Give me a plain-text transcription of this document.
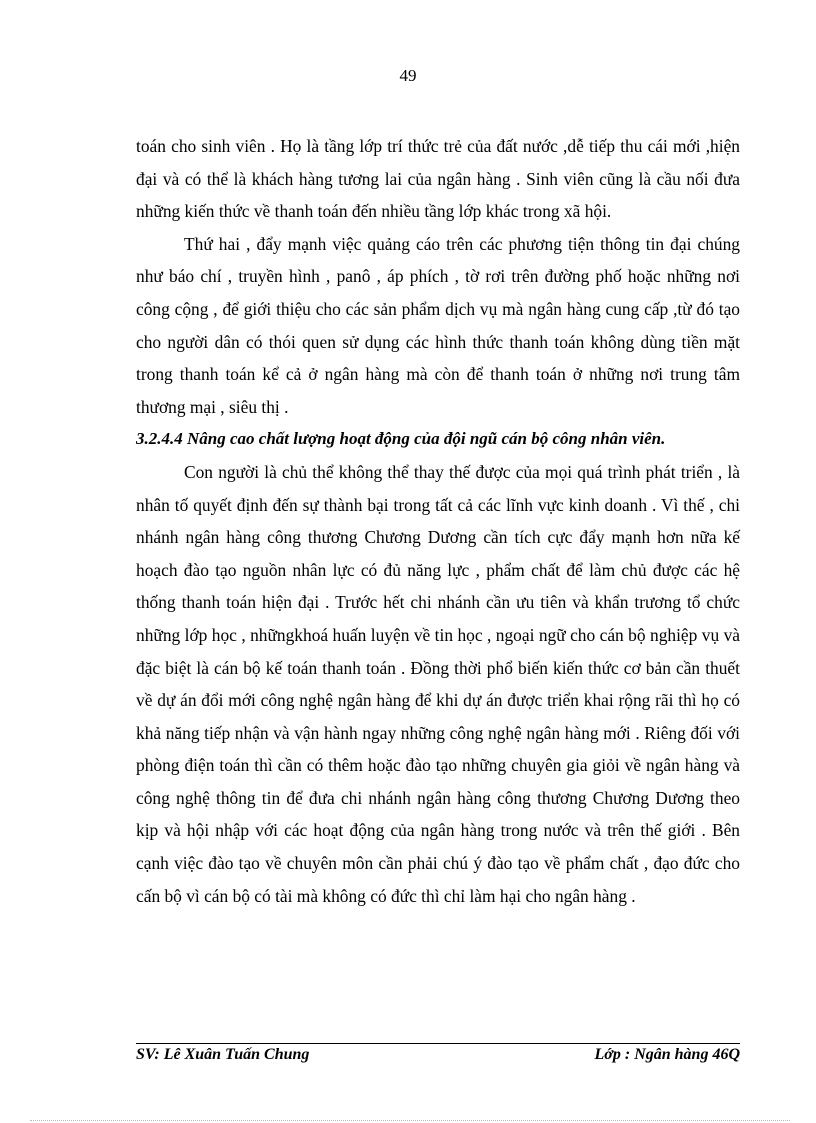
49

toán cho sinh viên . Họ là tầng lớp trí thức trẻ của đất nước ,dễ tiếp thu cái mới ,hiện đại và có thể là khách hàng tương lai của ngân hàng . Sinh viên cũng là cầu nối đưa những kiến thức về thanh toán đến nhiều tầng lớp khác trong xã hội.

Thứ hai , đẩy mạnh việc quảng cáo trên các phương tiện thông tin đại chúng như báo chí , truyền hình , panô , áp phích , tờ rơi trên đường phố hoặc những nơi công cộng , để giới thiệu cho các sản phẩm dịch vụ mà ngân hàng cung cấp ,từ đó tạo cho người dân có thói quen sử dụng các hình thức thanh toán không dùng tiền mặt trong thanh toán kể cả ở ngân hàng mà còn để thanh toán ở những nơi trung tâm thương mại , siêu thị .

3.2.4.4 Nâng cao chất lượng hoạt động của đội ngũ cán bộ công nhân viên.

Con người là chủ thể không thể thay thế được của mọi quá trình phát triển , là nhân tố quyết định đến sự thành bại trong tất cả các lĩnh vực kinh doanh . Vì thế , chi nhánh ngân hàng công thương Chương Dương cần tích cực đẩy mạnh hơn nữa kế hoạch đào tạo nguồn nhân lực có đủ năng lực , phẩm chất để làm chủ được các hệ thống thanh toán hiện đại . Trước hết chi nhánh cần ưu tiên và khẩn trương tổ chức những lớp học , nhữngkhoá huấn luyện về tin học , ngoại ngữ cho cán bộ nghiệp vụ và đặc biệt là cán bộ kế toán thanh toán . Đồng thời phổ biến kiến thức cơ bản cần thuết về dự án đổi mới công nghệ ngân hàng để khi dự án được triển khai rộng rãi thì họ có khả năng tiếp nhận và vận hành ngay những công nghệ ngân hàng mới . Riêng đối với phòng điện toán thì cần có thêm hoặc đào tạo những chuyên gia giỏi về ngân hàng và công nghệ thông tin để đưa chi nhánh ngân hàng công thương Chương Dương theo kịp và hội nhập với các hoạt động của ngân hàng trong nước và trên thế giới . Bên cạnh việc đào tạo về chuyên môn cần phải chú ý đào tạo về phẩm chất , đạo đức cho cấn bộ vì cán bộ có tài mà không có đức thì chỉ làm hại cho ngân hàng .

SV: Lê Xuân Tuấn Chung	Lớp : Ngân hàng 46Q
